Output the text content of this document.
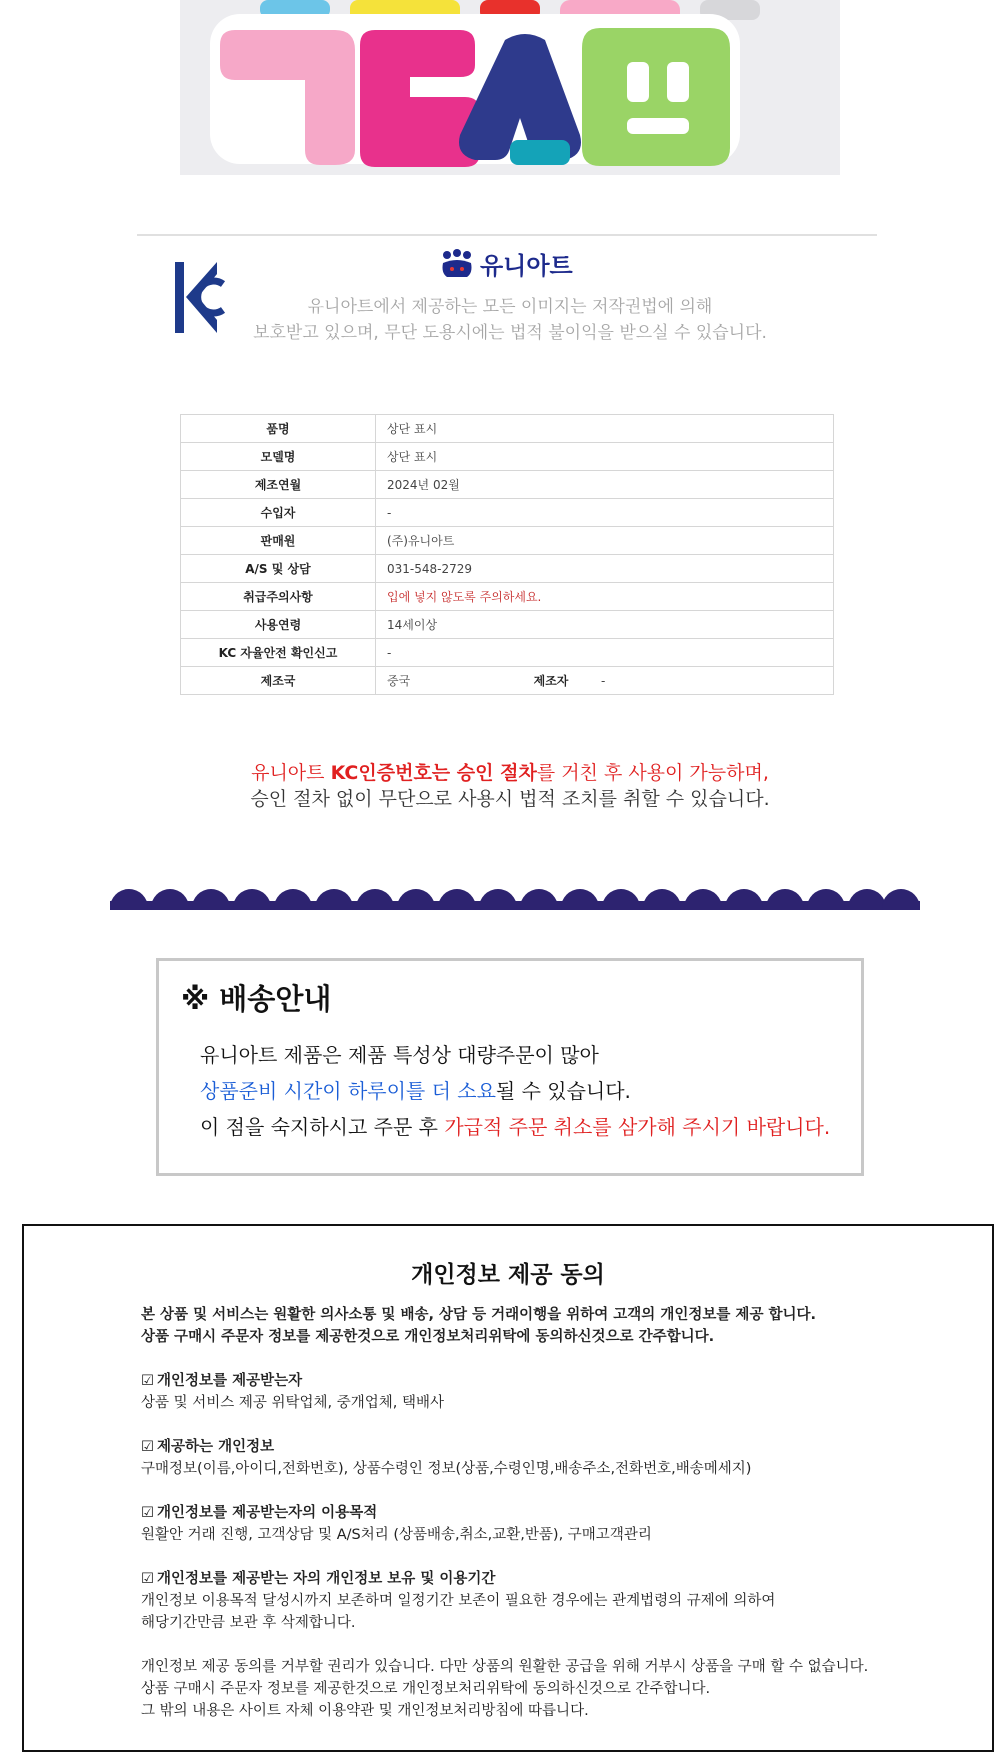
유니아트
유니아트에서 제공하는 모든 이미지는 저작권법에 의해
보호받고 있으며, 무단 도용시에는 법적 불이익을 받으실 수 있습니다.
품명	상단 표시		
모델명	상단 표시		
제조연월	2024년 02월		
수입자	-		
판매원	(주)유니아트		
A/S 및 상담	031-548-2729		
취급주의사항	입에 넣지 않도록 주의하세요.		
사용연령	14세이상		
KC 자율안전 확인신고	-		
제조국	중국	제조자	-
유니아트 KC인증번호는 승인 절차를 거친 후 사용이 가능하며,
승인 절차 없이 무단으로 사용시 법적 조치를 취할 수 있습니다.
※ 배송안내
유니아트 제품은 제품 특성상 대량주문이 많아
상품준비 시간이 하루이틀 더 소요될 수 있습니다.
이 점을 숙지하시고 주문 후 가급적 주문 취소를 삼가해 주시기 바랍니다.
개인정보 제공 동의
본 상품 및 서비스는 원활한 의사소통 및 배송, 상담 등 거래이행을 위하여 고객의 개인정보를 제공 합니다.
상품 구매시 주문자 정보를 제공한것으로 개인정보처리위탁에 동의하신것으로 간주합니다.
☑ 개인정보를 제공받는자
상품 및 서비스 제공 위탁업체, 중개업체, 택배사
☑ 제공하는 개인정보
구매정보(이름,아이디,전화번호), 상품수령인 정보(상품,수령인명,배송주소,전화번호,배송메세지)
☑ 개인정보를 제공받는자의 이용목적
원활안 거래 진행, 고객상담 및 A/S처리 (상품배송,취소,교환,반품), 구매고객관리
☑ 개인정보를 제공받는 자의 개인정보 보유 및 이용기간
개인정보 이용목적 달성시까지 보존하며 일정기간 보존이 필요한 경우에는 관계법령의 규제에 의하여
해당기간만큼 보관 후 삭제합니다.
개인정보 제공 동의를 거부할 권리가 있습니다. 다만 상품의 원활한 공급을 위해 거부시 상품을 구매 할 수 없습니다.
상품 구매시 주문자 정보를 제공한것으로 개인정보처리위탁에 동의하신것으로 간주합니다.
그 밖의 내용은 사이트 자체 이용약관 및 개인정보처리방침에 따릅니다.
